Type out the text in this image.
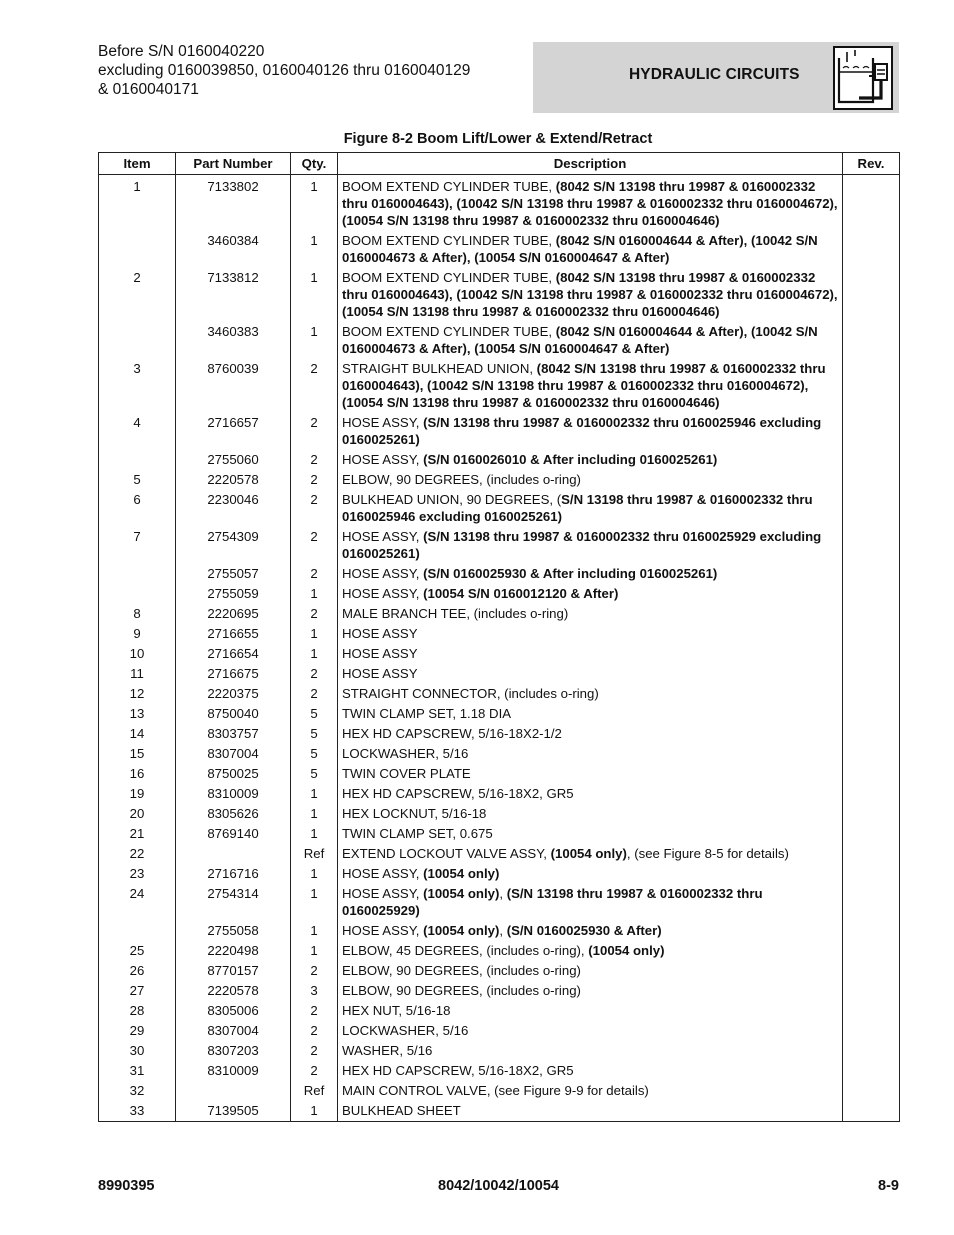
Before S/N 0160040220
excluding 0160039850, 0160040126 thru 0160040129
& 0160040171
HYDRAULIC CIRCUITS
Figure 8-2 Boom Lift/Lower & Extend/Retract
Item	Part Number	Qty.	Description	Rev.
1	7133802	1	BOOM EXTEND CYLINDER TUBE, (8042 S/N 13198 thru 19987 & 0160002332 thru 0160004643), (10042 S/N 13198 thru 19987 & 0160002332 thru 0160004672), (10054 S/N 13198 thru 19987 & 0160002332 thru 0160004646)	
	3460384	1	BOOM EXTEND CYLINDER TUBE, (8042 S/N 0160004644 & After), (10042 S/N 0160004673 & After), (10054 S/N 0160004647 & After)	
2	7133812	1	BOOM EXTEND CYLINDER TUBE, (8042 S/N 13198 thru 19987 & 0160002332 thru 0160004643), (10042 S/N 13198 thru 19987 & 0160002332 thru 0160004672), (10054 S/N 13198 thru 19987 & 0160002332 thru 0160004646)	
	3460383	1	BOOM EXTEND CYLINDER TUBE, (8042 S/N 0160004644 & After), (10042 S/N 0160004673 & After), (10054 S/N 0160004647 & After)	
3	8760039	2	STRAIGHT BULKHEAD UNION, (8042 S/N 13198 thru 19987 & 0160002332 thru 0160004643), (10042 S/N 13198 thru 19987 & 0160002332 thru 0160004672), (10054 S/N 13198 thru 19987 & 0160002332 thru 0160004646)	
4	2716657	2	HOSE ASSY, (S/N 13198 thru 19987 & 0160002332 thru 0160025946 excluding 0160025261)	
	2755060	2	HOSE ASSY, (S/N 0160026010 & After including 0160025261)	
5	2220578	2	ELBOW, 90 DEGREES, (includes o-ring)	
6	2230046	2	BULKHEAD UNION, 90 DEGREES, (S/N 13198 thru 19987 & 0160002332 thru 0160025946 excluding 0160025261)	
7	2754309	2	HOSE ASSY, (S/N 13198 thru 19987 & 0160002332 thru 0160025929 excluding 0160025261)	
	2755057	2	HOSE ASSY, (S/N 0160025930 & After including 0160025261)	
	2755059	1	HOSE ASSY, (10054 S/N 0160012120 & After)	
8	2220695	2	MALE BRANCH TEE, (includes o-ring)	
9	2716655	1	HOSE ASSY	
10	2716654	1	HOSE ASSY	
11	2716675	2	HOSE ASSY	
12	2220375	2	STRAIGHT CONNECTOR, (includes o-ring)	
13	8750040	5	TWIN CLAMP SET, 1.18 DIA	
14	8303757	5	HEX HD CAPSCREW, 5/16-18X2-1/2	
15	8307004	5	LOCKWASHER, 5/16	
16	8750025	5	TWIN COVER PLATE	
19	8310009	1	HEX HD CAPSCREW, 5/16-18X2, GR5	
20	8305626	1	HEX LOCKNUT, 5/16-18	
21	8769140	1	TWIN CLAMP SET, 0.675	
22		Ref	EXTEND LOCKOUT VALVE ASSY, (10054 only), (see Figure 8-5 for details)	
23	2716716	1	HOSE ASSY, (10054 only)	
24	2754314	1	HOSE ASSY, (10054 only), (S/N 13198 thru 19987 & 0160002332 thru 0160025929)	
	2755058	1	HOSE ASSY, (10054 only), (S/N 0160025930 & After)	
25	2220498	1	ELBOW, 45 DEGREES, (includes o-ring), (10054 only)	
26	8770157	2	ELBOW, 90 DEGREES, (includes o-ring)	
27	2220578	3	ELBOW, 90 DEGREES, (includes o-ring)	
28	8305006	2	HEX NUT, 5/16-18	
29	8307004	2	LOCKWASHER, 5/16	
30	8307203	2	WASHER, 5/16	
31	8310009	2	HEX HD CAPSCREW, 5/16-18X2, GR5	
32		Ref	MAIN CONTROL VALVE, (see Figure 9-9 for details)	
33	7139505	1	BULKHEAD SHEET	
8990395	8042/10042/10054	8-9
